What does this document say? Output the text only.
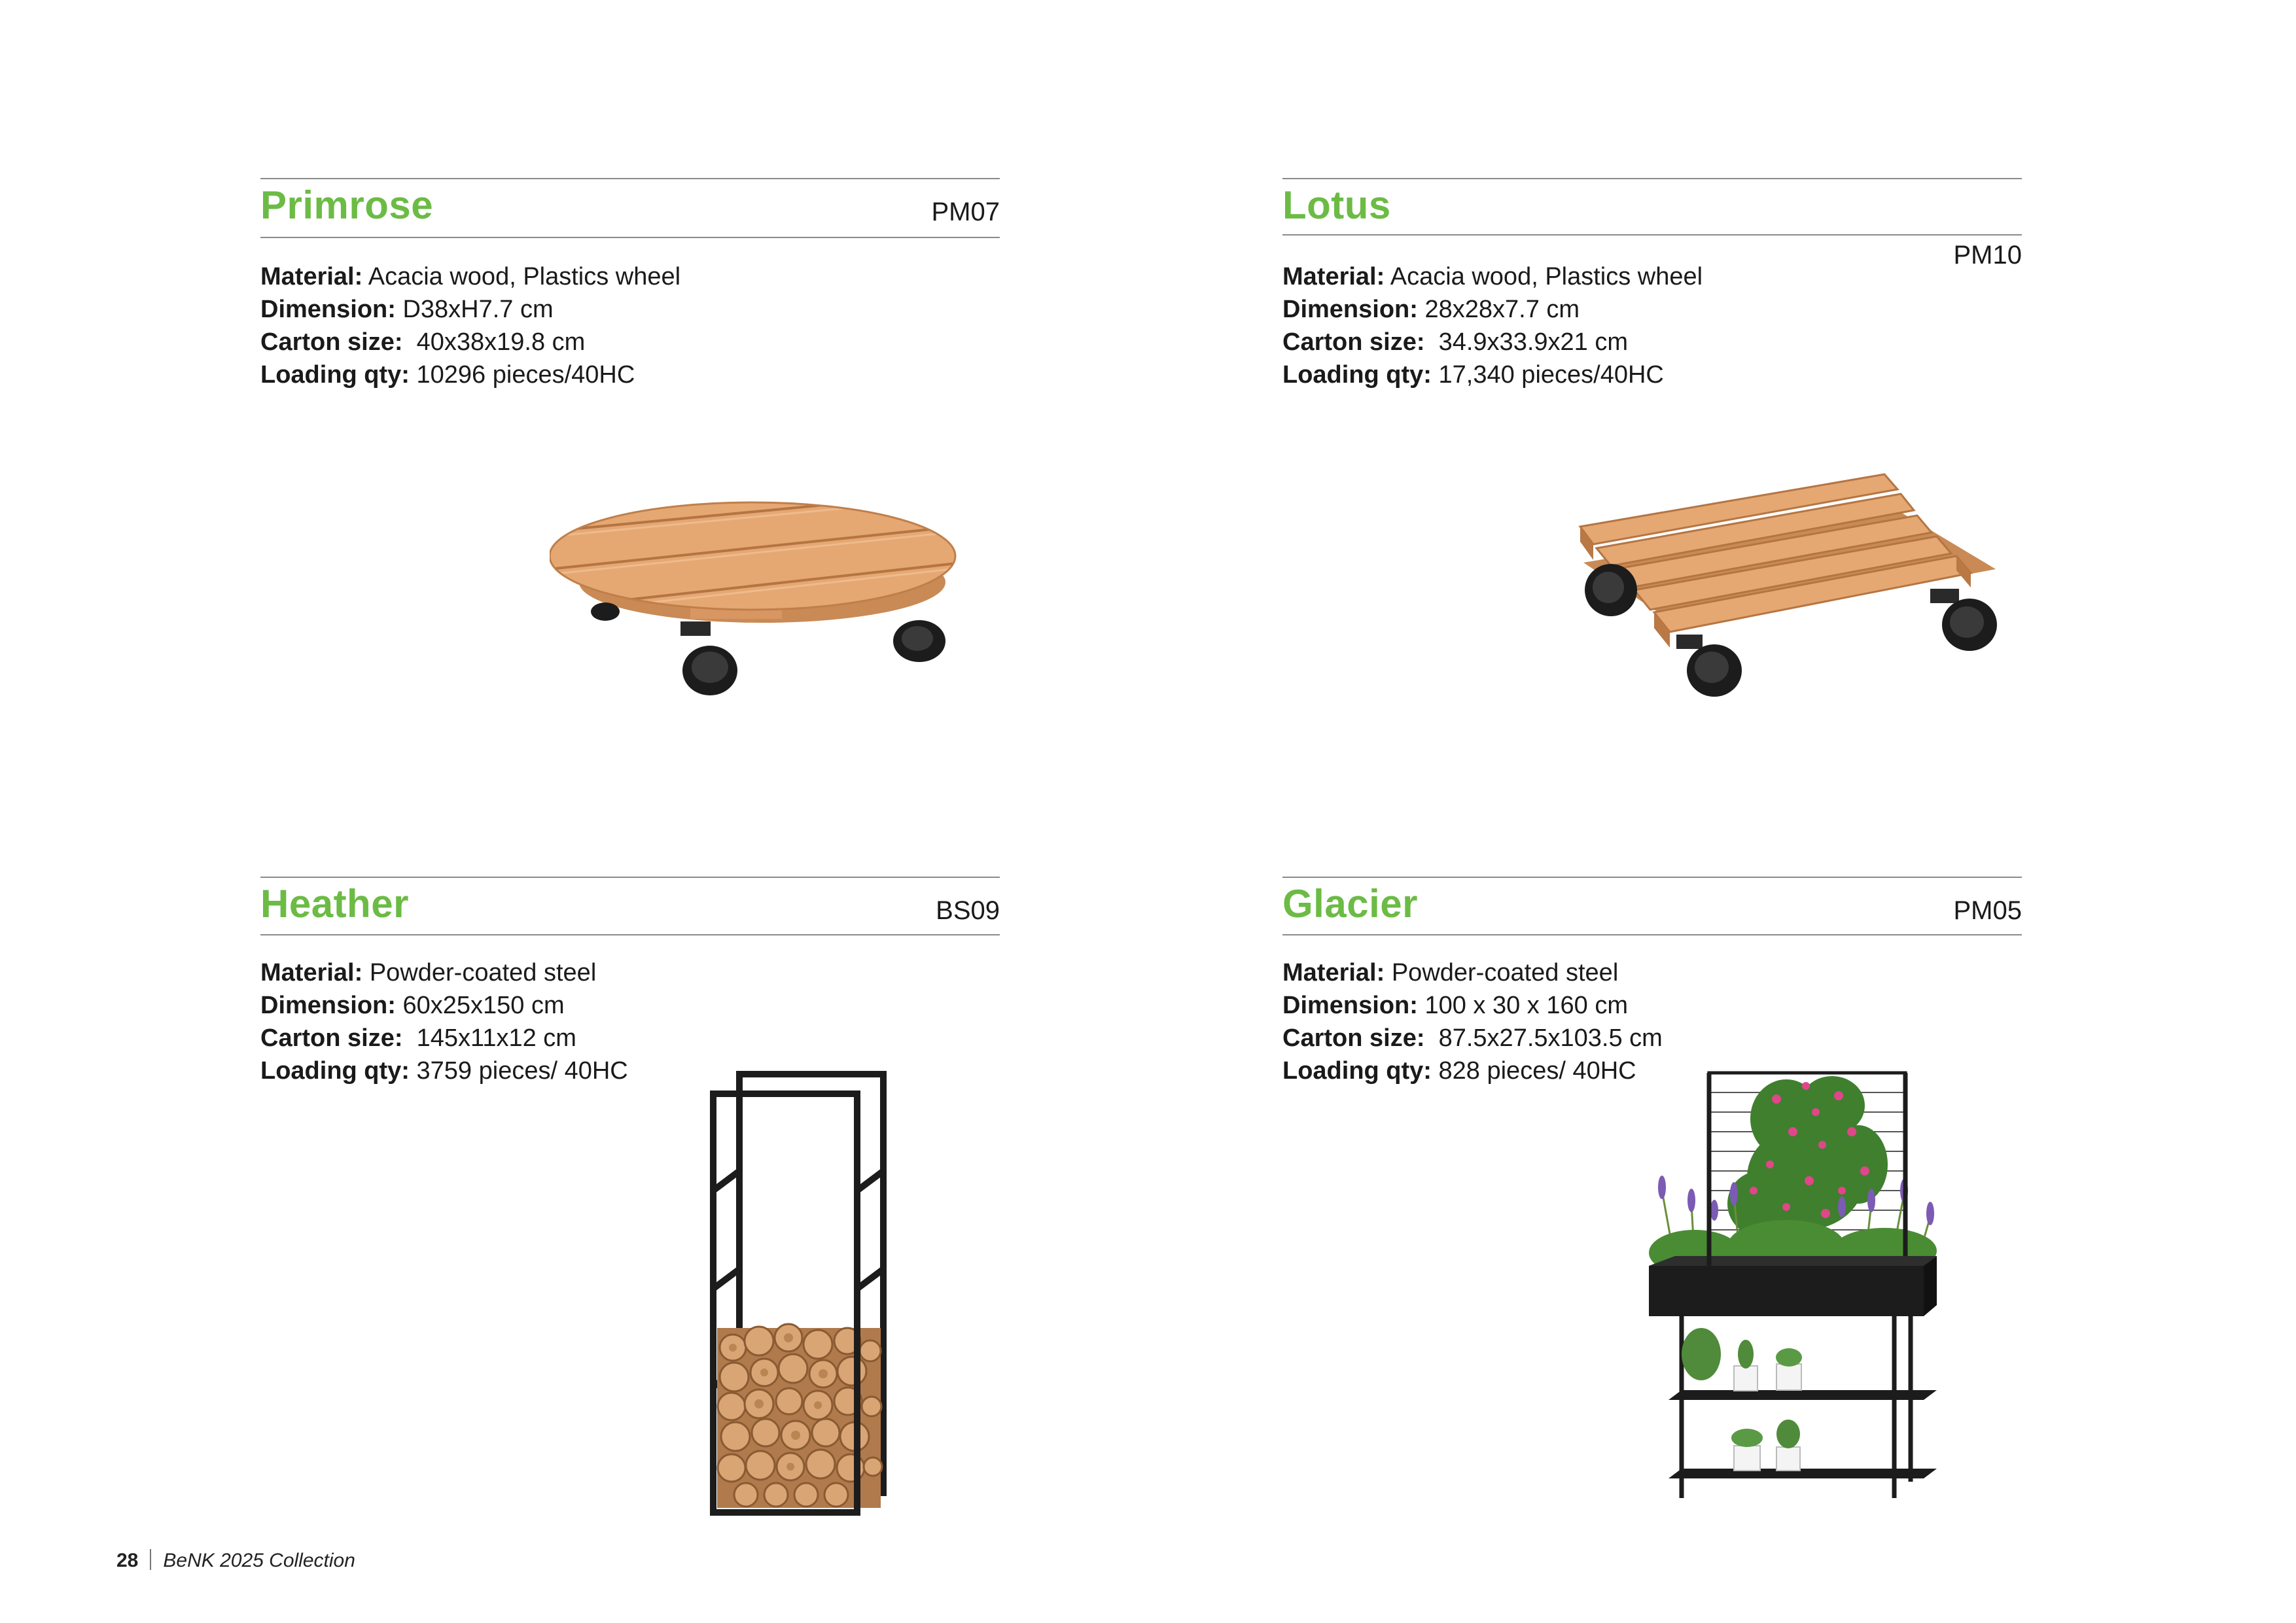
Primrose	PM07
Material: Acacia wood, Plastics wheel
Dimension: D38xH7.7 cm
Carton size:  40x38x19.8 cm
Loading qty: 10296 pieces/40HC
Lotus
PM10
Material: Acacia wood, Plastics wheel
Dimension: 28x28x7.7 cm
Carton size:  34.9x33.9x21 cm
Loading qty: 17,340 pieces/40HC
Heather	BS09
Material: Powder-coated steel
Dimension: 60x25x150 cm
Carton size:  145x11x12 cm
Loading qty: 3759 pieces/ 40HC
Glacier	PM05
Material: Powder-coated steel
Dimension: 100 x 30 x 160 cm
Carton size:  87.5x27.5x103.5 cm
Loading qty: 828 pieces/ 40HC
28 BeNK 2025 Collection
